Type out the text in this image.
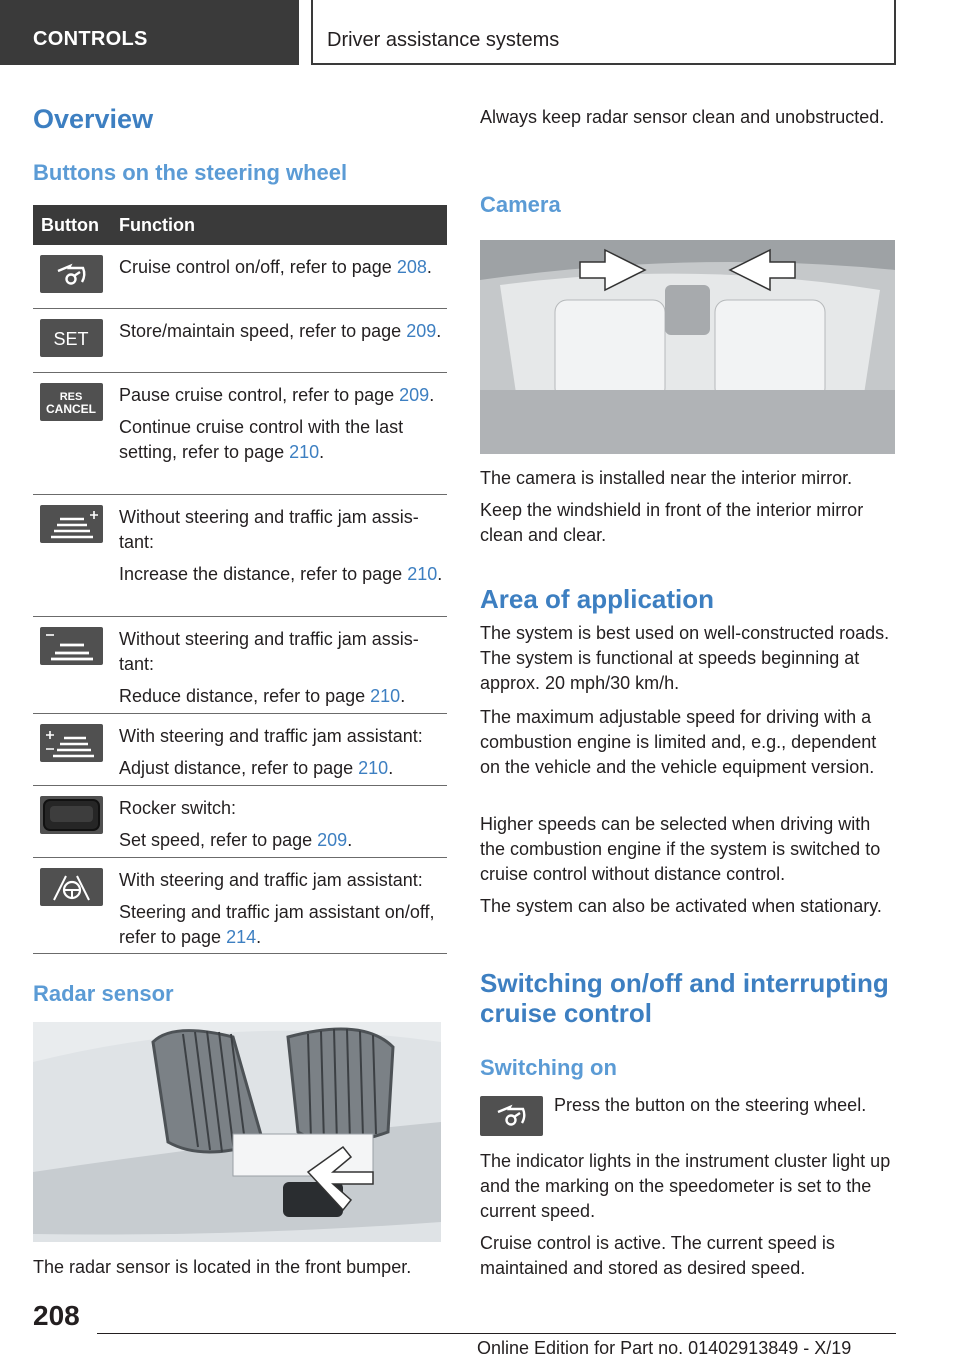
CONTROLS	Driver assistance systems
Overview
Buttons on the steering wheel
Button Function

Cruise control on/off, refer to page 208.

SET Store/maintain speed, refer to page 209.

RES
CANCEL

Pause cruise control, refer to page 209.

Continue cruise control with the last setting, refer to page 210.

Without steering and traffic jam assistant:

Increase the distance, refer to page 210.

Without steering and traffic jam assistant:

Reduce distance, refer to page 210.

With steering and traffic jam assistant:

Adjust distance, refer to page 210.

Rocker switch:

Set speed, refer to page 209.

With steering and traffic jam assistant:

Steering and traffic jam assistant on/off, refer to page 214.

Radar sensor
The radar sensor is located in the front bumper.
Always keep radar sensor clean and unobstructed.
Camera
The camera is installed near the interior mirror.
Keep the windshield in front of the interior mirror clean and clear.
Area of application
The system is best used on well-constructed roads. The system is functional at speeds beginning at approx. 20 mph/30 km/h.
The maximum adjustable speed for driving with a combustion engine is limited and, e.g., dependent on the vehicle and the vehicle equipment version.
Higher speeds can be selected when driving with the combustion engine if the system is switched to cruise control without distance control.
The system can also be activated when stationary.
Switching on/off and interrupting cruise control
Switching on
Press the button on the steering wheel.
The indicator lights in the instrument cluster light up and the marking on the speedometer is set to the current speed.
Cruise control is active. The current speed is maintained and stored as desired speed.
208
Online Edition for Part no. 01402913849 - X/19
